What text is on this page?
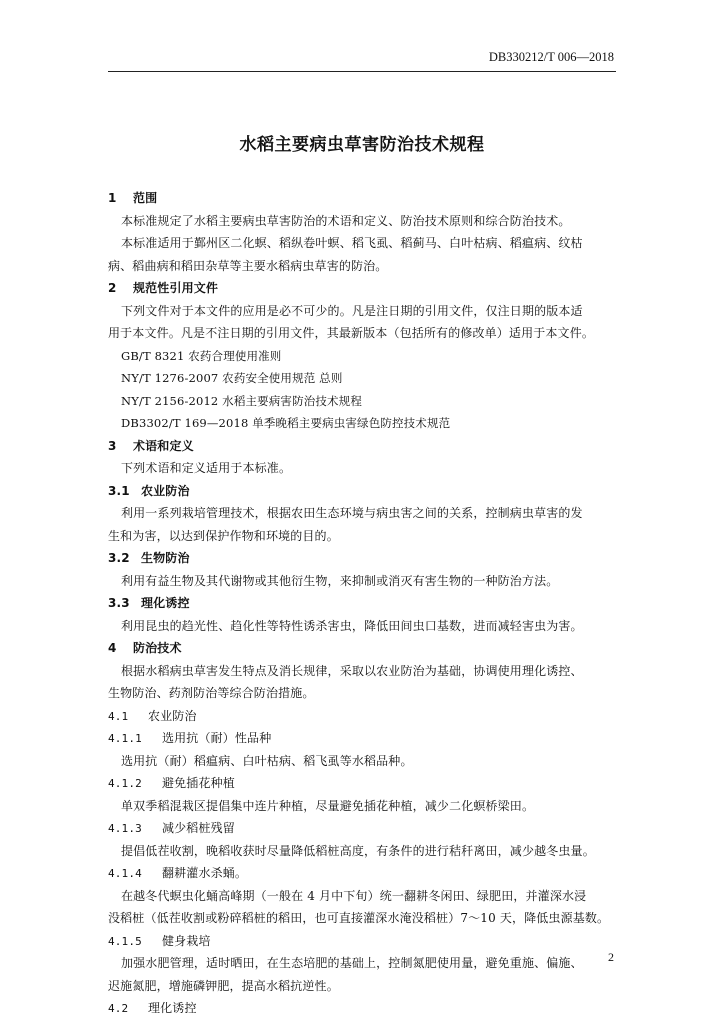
DB330212/T 006—2018
水稻主要病虫草害防治技术规程
1 范围
本标准规定了水稻主要病虫草害防治的术语和定义、防治技术原则和综合防治技术。
本标准适用于鄞州区二化螟、稻纵卷叶螟、稻飞虱、稻蓟马、白叶枯病、稻瘟病、纹枯
病、稻曲病和稻田杂草等主要水稻病虫草害的防治。
2 规范性引用文件
下列文件对于本文件的应用是必不可少的。凡是注日期的引用文件，仅注日期的版本适
用于本文件。凡是不注日期的引用文件，其最新版本（包括所有的修改单）适用于本文件。
GB/T 8321 农药合理使用准则
NY/T 1276-2007 农药安全使用规范 总则
NY/T 2156-2012 水稻主要病害防治技术规程
DB3302/T 169—2018 单季晚稻主要病虫害绿色防控技术规范
3 术语和定义
下列术语和定义适用于本标准。
3.1 农业防治
利用一系列栽培管理技术，根据农田生态环境与病虫害之间的关系，控制病虫草害的发
生和为害，以达到保护作物和环境的目的。
3.2 生物防治
利用有益生物及其代谢物或其他衍生物，来抑制或消灭有害生物的一种防治方法。
3.3 理化诱控
利用昆虫的趋光性、趋化性等特性诱杀害虫，降低田间虫口基数，进而减轻害虫为害。
4 防治技术
根据水稻病虫草害发生特点及消长规律，采取以农业防治为基础，协调使用理化诱控、
生物防治、药剂防治等综合防治措施。
4.1 农业防治
4.1.1 选用抗（耐）性品种
选用抗（耐）稻瘟病、白叶枯病、稻飞虱等水稻品种。
4.1.2 避免插花种植
单双季稻混栽区提倡集中连片种植，尽量避免插花种植，减少二化螟桥梁田。
4.1.3 减少稻桩残留
提倡低茬收割，晚稻收获时尽量降低稻桩高度，有条件的进行秸秆离田，减少越冬虫量。
4.1.4 翻耕灌水杀蛹。
在越冬代螟虫化蛹高峰期（一般在 4 月中下旬）统一翻耕冬闲田、绿肥田，并灌深水浸
没稻桩（低茬收割或粉碎稻桩的稻田，也可直接灌深水淹没稻桩）7～10 天，降低虫源基数。
4.1.5 健身栽培
加强水肥管理，适时晒田，在生态培肥的基础上，控制氮肥使用量，避免重施、偏施、
迟施氮肥，增施磷钾肥，提高水稻抗逆性。
4.2 理化诱控
2
